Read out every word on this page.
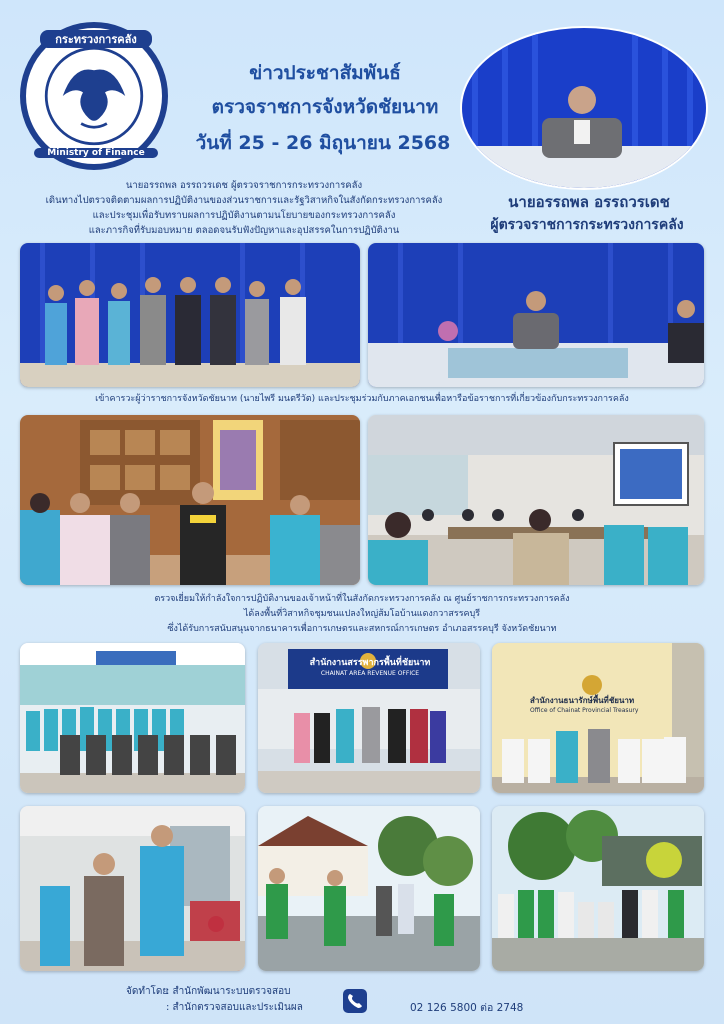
กระทรวงการคลัง
Ministry of Finance
ข่าวประชาสัมพันธ์
ตรวจราชการจังหวัดชัยนาท
วันที่ 25 - 26 มิถุนายน 2568
นายอรรถพล อรรถวรเดช
ผู้ตรวจราชการกระทรวงการคลัง
นายอรรถพล อรรถวรเดช ผู้ตรวจราชการกระทรวงการคลัง
เดินทางไปตรวจติดตามผลการปฏิบัติงานของส่วนราชการและรัฐวิสาหกิจในสังกัดกระทรวงการคลัง
และประชุมเพื่อรับทราบผลการปฏิบัติงานตามนโยบายของกระทรวงการคลัง
และภารกิจที่รับมอบหมาย ตลอดจนรับฟังปัญหาและอุปสรรคในการปฏิบัติงาน
เข้าคารวะผู้ว่าราชการจังหวัดชัยนาท (นายไพรี มนตรีวัต) และประชุมร่วมกับภาคเอกชนเพื่อหารือข้อราชการที่เกี่ยวข้องกับกระทรวงการคลัง
ตรวจเยี่ยมให้กำลังใจการปฏิบัติงานของเจ้าหน้าที่ในสังกัดกระทรวงการคลัง ณ ศูนย์ราชการกระทรวงการคลัง
ได้ลงพื้นที่วิสาหกิจชุมชนแปลงใหญ่ส้มโอบ้านแดงกวาสรรคบุรี
ซึ่งได้รับการสนับสนุนจากธนาคารเพื่อการเกษตรและสหกรณ์การเกษตร อำเภอสรรคบุรี จังหวัดชัยนาท
สำนักงานสรรพากรพื้นที่ชัยนาท
CHAINAT AREA REVENUE OFFICE
สำนักงานธนารักษ์พื้นที่ชัยนาท
Office of Chainat Provincial Treasury
จัดทำโดย
: สำนักพัฒนาระบบตรวจสอบ
: สำนักตรวจสอบและประเมินผล	02 126 5800 ต่อ 2748
